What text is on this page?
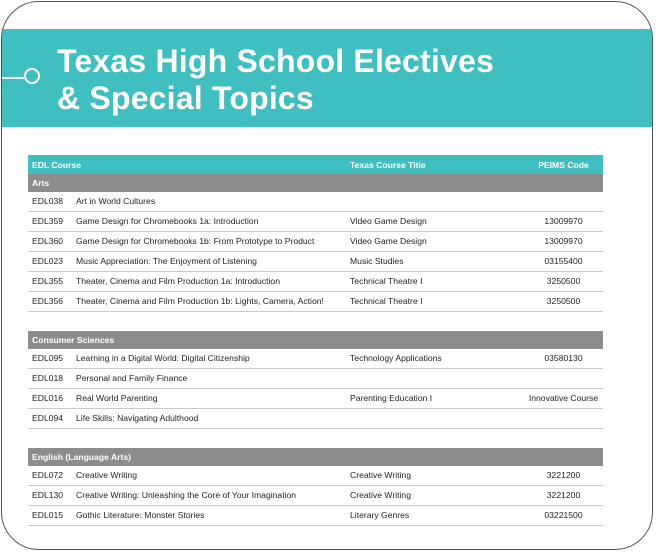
Texas High School Electives
& Special Topics
EDL Course		Texas Course Title	PEIMS Code
Arts			
EDL038	Art in World Cultures		
EDL359	Game Design for Chromebooks 1a: Introduction	Video Game Design	13009970
EDL360	Game Design for Chromebooks 1b: From Prototype to Product	Video Game Design	13009970
EDL023	Music Appreciation: The Enjoyment of Listening	Music Studies	03155400
EDL355	Theater, Cinema and Film Production 1a: Introduction	Technical Theatre I	3250500
EDL356	Theater, Cinema and Film Production 1b: Lights, Camera, Action!	Technical Theatre I	3250500

Consumer Sciences			
EDL095	Learning in a Digital World: Digital Citizenship	Technology Applications	03580130
EDL018	Personal and Family Finance		
EDL016	Real World Parenting	Parenting Education I	Innovative Course
EDL094	Life Skills: Navigating Adulthood		

English (Language Arts)			
EDL072	Creative Writing	Creative Writing	3221200
EDL130	Creative Writing: Unleashing the Core of Your Imagination	Creative Writing	3221200
EDL015	Gothic Literature: Monster Stories	Literary Genres	03221500
